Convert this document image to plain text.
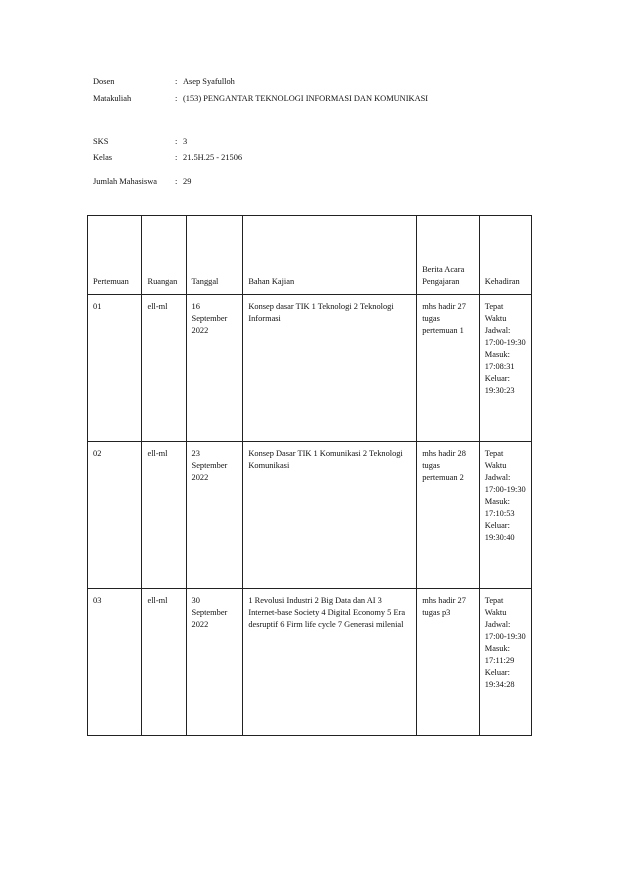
Dosen	: Asep Syafulloh
Matakuliah	: (153) PENGANTAR TEKNOLOGI INFORMASI DAN KOMUNIKASI
SKS	: 3
Kelas	: 21.5H.25 - 21506
Jumlah Mahasiswa : 29
Pertemuan	Ruangan	Tanggal	Bahan Kajian	Berita Acara Pengajaran	Kehadiran
01	ell-ml	16 September 2022	Konsep dasar TIK 1 Teknologi 2 Teknologi Informasi	mhs hadir 27 tugas pertemuan 1	Tepat Waktu Jadwal: 17:00-19:30 Masuk: 17:08:31 Keluar: 19:30:23
02	ell-ml	23 September 2022	Konsep Dasar TIK 1 Komunikasi 2 Teknologi Komunikasi	mhs hadir 28 tugas pertemuan 2	Tepat Waktu Jadwal: 17:00-19:30 Masuk: 17:10:53 Keluar: 19:30:40
03	ell-ml	30 September 2022	1 Revolusi Industri 2 Big Data dan AI 3 Internet-base Society 4 Digital Economy 5 Era desruptif 6 Firm life cycle 7 Generasi milenial	mhs hadir 27 tugas p3	Tepat Waktu Jadwal: 17:00-19:30 Masuk: 17:11:29 Keluar: 19:34:28
